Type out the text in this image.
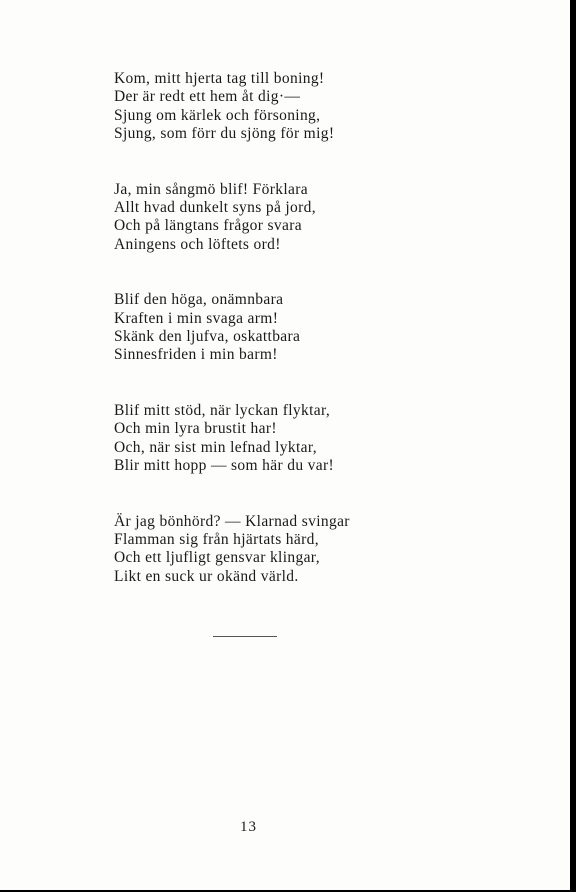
Kom, mitt hjerta tag till boning!
Der är redt ett hem åt dig·—
Sjung om kärlek och försoning,
Sjung, som förr du sjöng för mig!

Ja, min sångmö blif! Förklara
Allt hvad dunkelt syns på jord,
Och på längtans frågor svara
Aningens och löftets ord!

Blif den höga, onämnbara
Kraften i min svaga arm!
Skänk den ljufva, oskattbara
Sinnesfriden i min barm!

Blif mitt stöd, när lyckan flyktar,
Och min lyra brustit har!
Och, när sist min lefnad lyktar,
Blir mitt hopp — som här du var!

Är jag bönhörd? — Klarnad svingar
Flamman sig från hjärtats härd,
Och ett ljufligt gensvar klingar,
Likt en suck ur okänd värld.

13
